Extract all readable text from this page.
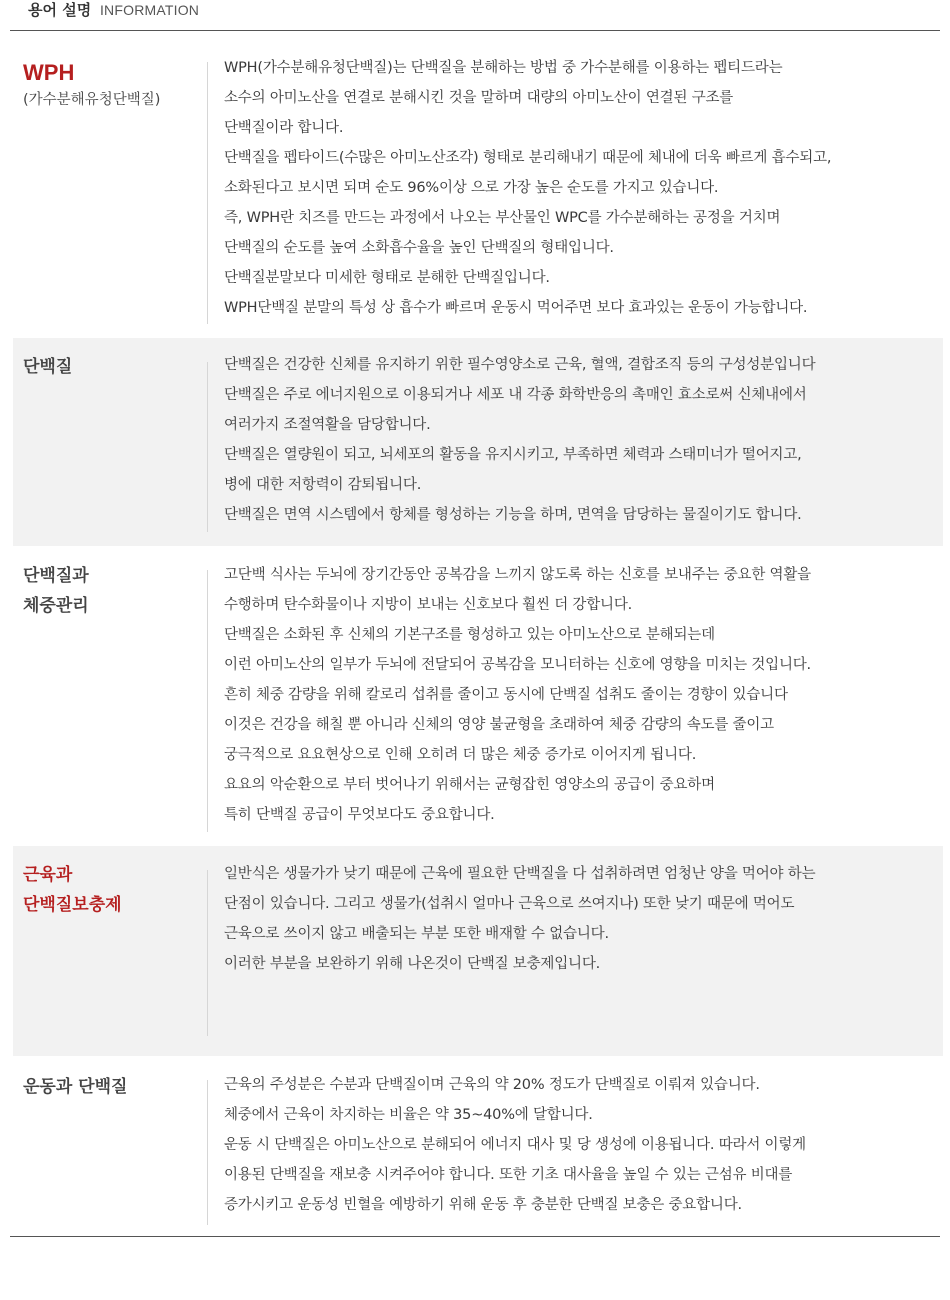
용어 설명 INFORMATION
WPH
(가수분해유청단백질)
WPH(가수분해유청단백질)는 단백질을 분해하는 방법 중 가수분해를 이용하는 펩티드라는
소수의 아미노산을 연결로 분해시킨 것을 말하며 대량의 아미노산이 연결된 구조를
단백질이라 합니다.
단백질을 펩타이드(수많은 아미노산조각) 형태로 분리해내기 때문에 체내에 더욱 빠르게 흡수되고,
소화된다고 보시면 되며 순도 96%이상 으로 가장 높은 순도를 가지고 있습니다.
즉, WPH란 치즈를 만드는 과정에서 나오는 부산물인 WPC를 가수분해하는 공정을 거치며
단백질의 순도를 높여 소화흡수율을 높인 단백질의 형태입니다.
단백질분말보다 미세한 형태로 분해한 단백질입니다.
WPH단백질 분말의 특성 상 흡수가 빠르며 운동시 먹어주면 보다 효과있는 운동이 가능합니다.
단백질	단백질은 건강한 신체를 유지하기 위한 필수영양소로 근육, 혈액, 결합조직 등의 구성성분입니다
단백질은 주로 에너지원으로 이용되거나 세포 내 각종 화학반응의 촉매인 효소로써 신체내에서
여러가지 조절역활을 담당합니다.
단백질은 열량원이 되고, 뇌세포의 활동을 유지시키고, 부족하면 체력과 스태미너가 떨어지고,
병에 대한 저항력이 감퇴됩니다.
단백질은 면역 시스템에서 항체를 형성하는 기능을 하며, 면역을 담당하는 물질이기도 합니다.
단백질과
체중관리
고단백 식사는 두뇌에 장기간동안 공복감을 느끼지 않도록 하는 신호를 보내주는 중요한 역활을
수행하며 탄수화물이나 지방이 보내는 신호보다 훨씬 더 강합니다.
단백질은 소화된 후 신체의 기본구조를 형성하고 있는 아미노산으로 분해되는데
이런 아미노산의 일부가 두뇌에 전달되어 공복감을 모니터하는 신호에 영향을 미치는 것입니다.
흔히 체중 감량을 위해 칼로리 섭취를 줄이고 동시에 단백질 섭취도 줄이는 경향이 있습니다
이것은 건강을 해칠 뿐 아니라 신체의 영양 불균형을 초래하여 체중 감량의 속도를 줄이고
궁극적으로 요요현상으로 인해 오히려 더 많은 체중 증가로 이어지게 됩니다.
요요의 악순환으로 부터 벗어나기 위해서는 균형잡힌 영양소의 공급이 중요하며
특히 단백질 공급이 무엇보다도 중요합니다.
근육과
단백질보충제
일반식은 생물가가 낮기 때문에 근육에 필요한 단백질을 다 섭취하려면 엄청난 양을 먹어야 하는
단점이 있습니다. 그리고 생물가(섭취시 얼마나 근육으로 쓰여지나) 또한 낮기 때문에 먹어도
근육으로 쓰이지 않고 배출되는 부분 또한 배재할 수 없습니다.
이러한 부분을 보완하기 위해 나온것이 단백질 보충제입니다.
운동과 단백질	근육의 주성분은 수분과 단백질이며 근육의 약 20% 정도가 단백질로 이뤄져 있습니다.
체중에서 근육이 차지하는 비율은 약 35~40%에 달합니다.
운동 시 단백질은 아미노산으로 분해되어 에너지 대사 및 당 생성에 이용됩니다. 따라서 이렇게
이용된 단백질을 재보충 시켜주어야 합니다. 또한 기초 대사율을 높일 수 있는 근섬유 비대를
증가시키고 운동성 빈혈을 예방하기 위해 운동 후 충분한 단백질 보충은 중요합니다.
